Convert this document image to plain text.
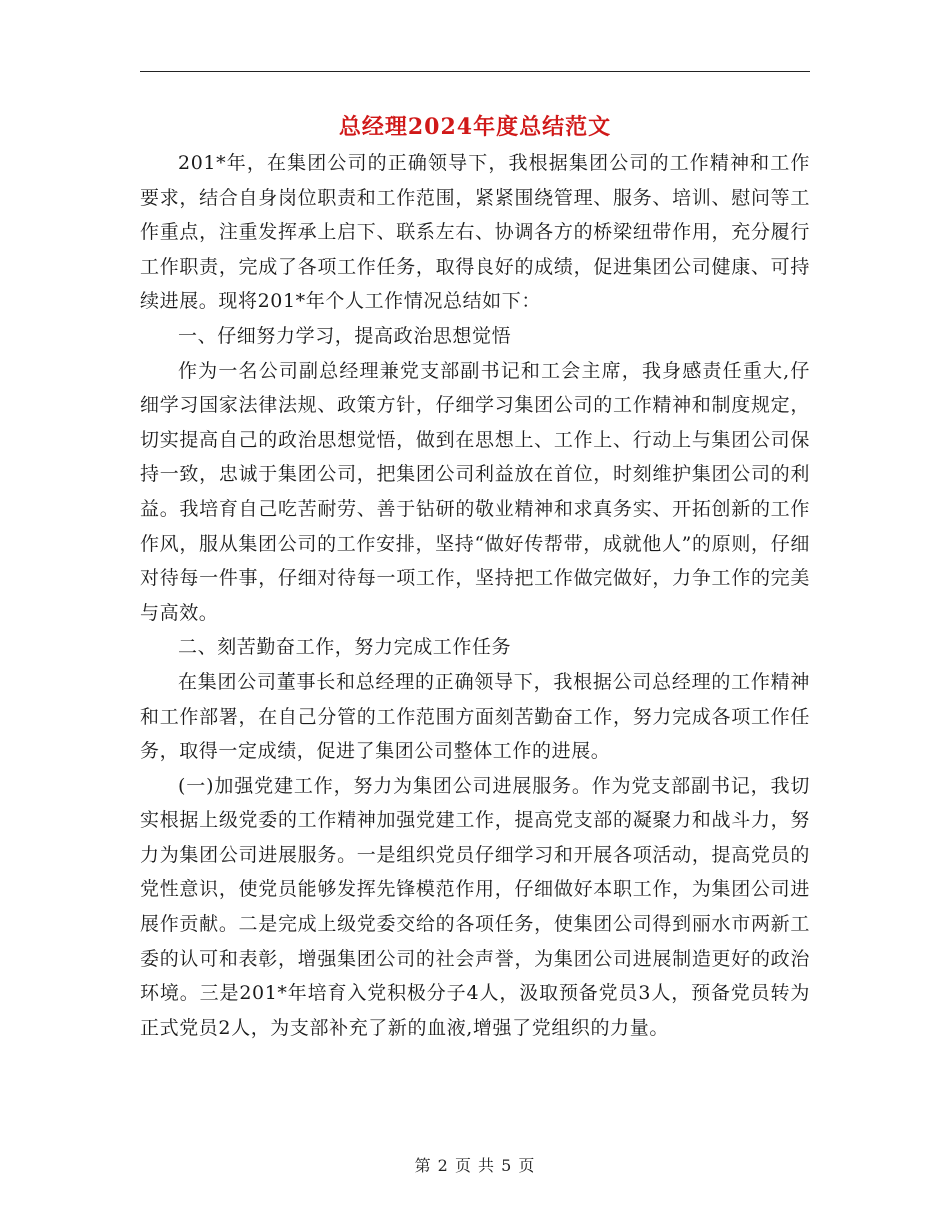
总经理2024年度总结范文

201*年，在集团公司的正确领导下，我根据集团公司的工作精神和工作要求，结合自身岗位职责和工作范围，紧紧围绕管理、服务、培训、慰问等工作重点，注重发挥承上启下、联系左右、协调各方的桥梁纽带作用，充分履行工作职责，完成了各项工作任务，取得良好的成绩，促进集团公司健康、可持续进展。现将201*年个人工作情况总结如下：

一、仔细努力学习，提高政治思想觉悟

作为一名公司副总经理兼党支部副书记和工会主席，我身感责任重大,仔细学习国家法律法规、政策方针，仔细学习集团公司的工作精神和制度规定，切实提高自己的政治思想觉悟，做到在思想上、工作上、行动上与集团公司保持一致，忠诚于集团公司，把集团公司利益放在首位，时刻维护集团公司的利益。我培育自己吃苦耐劳、善于钻研的敬业精神和求真务实、开拓创新的工作作风，服从集团公司的工作安排，坚持“做好传帮带，成就他人”的原则，仔细对待每一件事，仔细对待每一项工作，坚持把工作做完做好，力争工作的完美与高效。

二、刻苦勤奋工作，努力完成工作任务

在集团公司董事长和总经理的正确领导下，我根据公司总经理的工作精神和工作部署，在自己分管的工作范围方面刻苦勤奋工作，努力完成各项工作任务，取得一定成绩，促进了集团公司整体工作的进展。

(一)加强党建工作，努力为集团公司进展服务。作为党支部副书记，我切实根据上级党委的工作精神加强党建工作，提高党支部的凝聚力和战斗力，努力为集团公司进展服务。一是组织党员仔细学习和开展各项活动，提高党员的党性意识，使党员能够发挥先锋模范作用，仔细做好本职工作，为集团公司进展作贡献。二是完成上级党委交给的各项任务，使集团公司得到丽水市两新工委的认可和表彰，增强集团公司的社会声誉，为集团公司进展制造更好的政治环境。三是201*年培育入党积极分子4人，汲取预备党员3人，预备党员转为正式党员2人，为支部补充了新的血液,增强了党组织的力量。

第 2 页 共 5 页
